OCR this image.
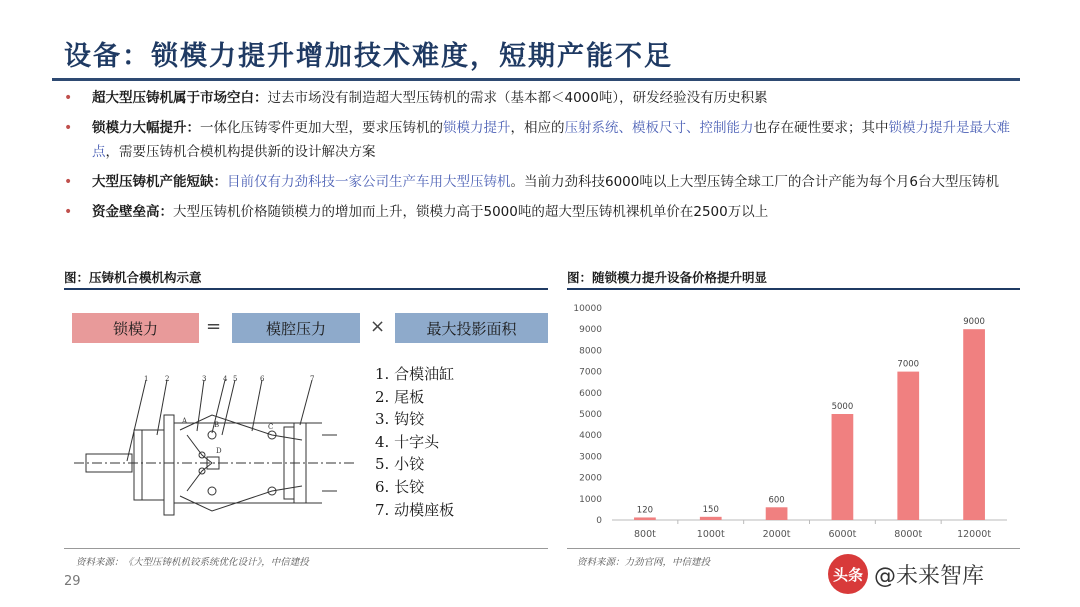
设备：锁模力提升增加技术难度，短期产能不足
• 超大型压铸机属于市场空白：过去市场没有制造超大型压铸机的需求（基本都＜4000吨），研发经验没有历史积累
• 锁模力大幅提升：一体化压铸零件更加大型，要求压铸机的锁模力提升，相应的压射系统、模板尺寸、控制能力也存在硬性要求；其中锁模力提升是最大难点，需要压铸机合模机构提供新的设计解决方案
• 大型压铸机产能短缺：目前仅有力劲科技一家公司生产车用大型压铸机。当前力劲科技6000吨以上大型压铸全球工厂的合计产能为每个月6台大型压铸机
• 资金壁垒高：大型压铸机价格随锁模力的增加而上升，锁模力高于5000吨的超大型压铸机裸机单价在2500万以上
图：压铸机合模机构示意
锁模力	=	模腔压力	×	最大投影面积
1 2	3 4 5	6	7
A	B	C
D
1. 合模油缸
2. 尾板
3. 钩铰
4. 十字头
5. 小铰
6. 长铰
7. 动模座板
资料来源：《大型压铸机机铰系统优化设计》，中信建投
图：随锁模力提升设备价格提升明显
0
1000
2000
3000
4000
5000
6000
7000
8000
9000
10000
120
800t
150
1000t
600
2000t
5000
6000t
7000
8000t
9000
12000t
资料来源：力劲官网，中信建投
29	头条 @未来智库
